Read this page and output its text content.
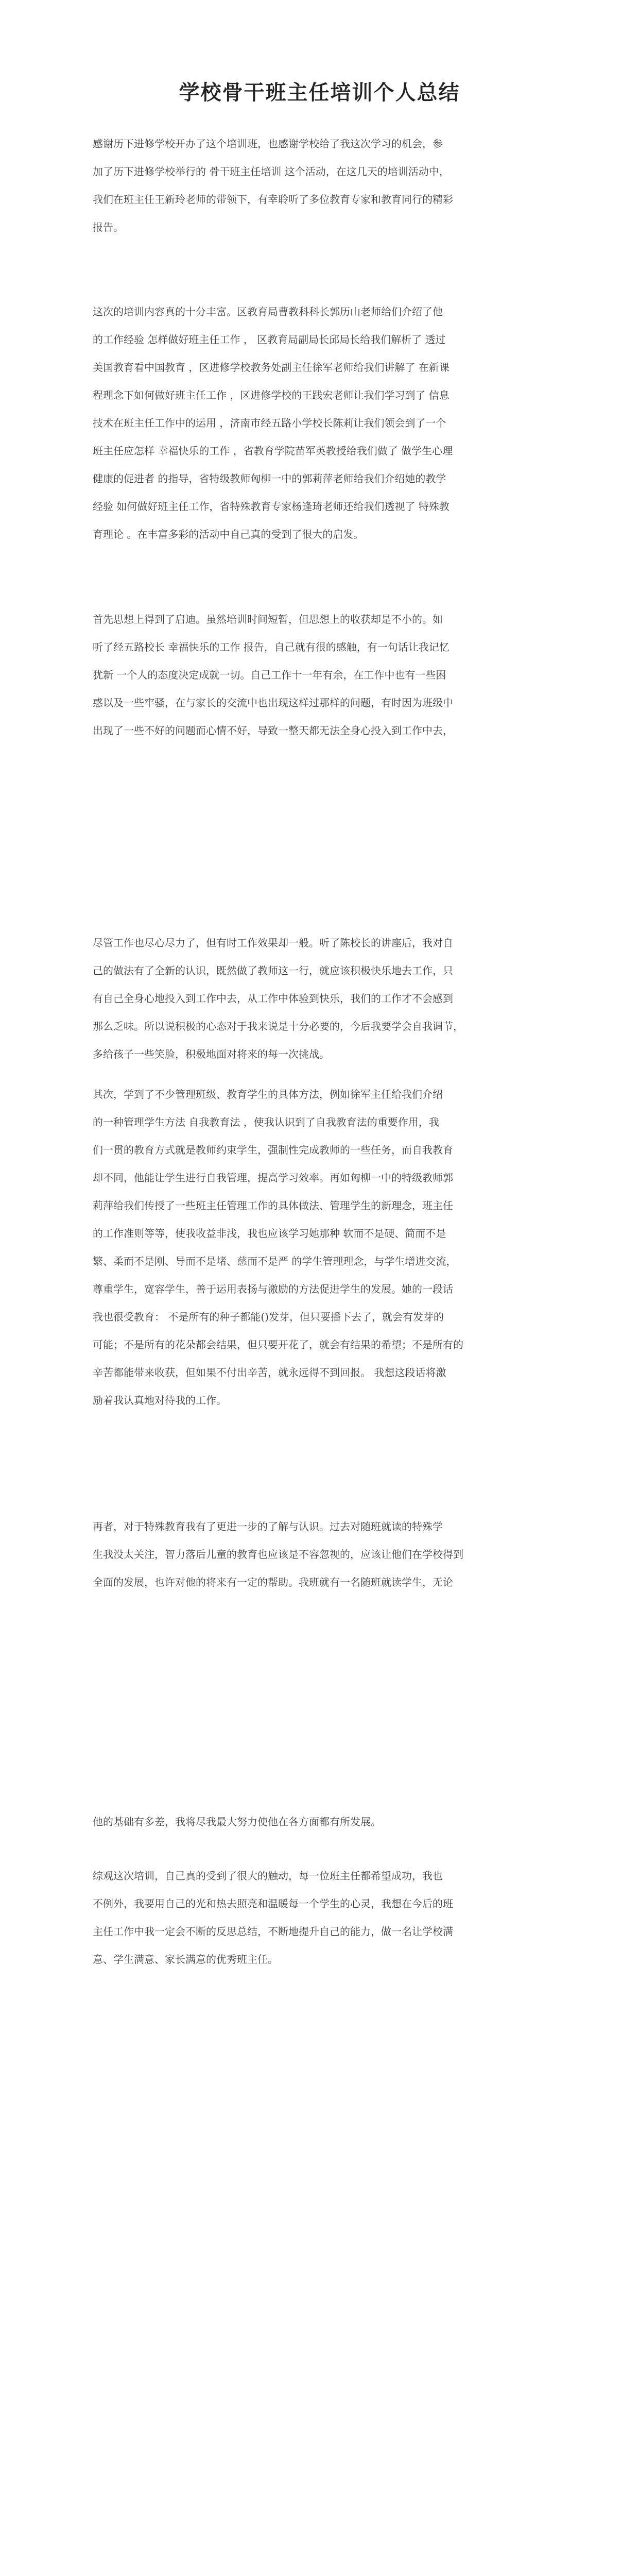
学校骨干班主任培训个人总结
感谢历下进修学校开办了这个培训班，也感谢学校给了我这次学习的机会，参
加了历下进修学校举行的 骨干班主任培训 这个活动，在这几天的培训活动中，
我们在班主任王新玲老师的带领下，有幸聆听了多位教育专家和教育同行的精彩
报告。
这次的培训内容真的十分丰富。区教育局曹教科科长郭历山老师给们介绍了他
的工作经验 怎样做好班主任工作 ， 区教育局副局长邱局长给我们解析了 透过
美国教育看中国教育 ，区进修学校教务处副主任徐军老师给我们讲解了 在新课
程理念下如何做好班主任工作 ，区进修学校的王践宏老师让我们学习到了 信息
技术在班主任工作中的运用 ，济南市经五路小学校长陈莉让我们领会到了一个
班主任应怎样 幸福快乐的工作 ，省教育学院苗军英教授给我们做了 做学生心理
健康的促进者 的指导，省特级教师匈柳一中的郭莉萍老师给我们介绍她的教学
经验 如何做好班主任工作，省特殊教育专家杨逢琦老师还给我们透视了 特殊教
育理论 。在丰富多彩的活动中自己真的受到了很大的启发。
首先思想上得到了启迪。虽然培训时间短暂，但思想上的收获却是不小的。如
听了经五路校长 幸福快乐的工作 报告，自己就有很的感触，有一句话让我记忆
犹新 一个人的态度决定成就一切。自己工作十一年有余，在工作中也有一些困
惑以及一些牢骚，在与家长的交流中也出现这样过那样的问题，有时因为班级中
出现了一些不好的问题而心情不好，导致一整天都无法全身心投入到工作中去，
尽管工作也尽心尽力了，但有时工作效果却一般。听了陈校长的讲座后，我对自
己的做法有了全新的认识，既然做了教师这一行，就应该积极快乐地去工作，只
有自己全身心地投入到工作中去，从工作中体验到快乐，我们的工作才不会感到
那么乏味。所以说积极的心态对于我来说是十分必要的，今后我要学会自我调节，
多给孩子一些笑脸，积极地面对将来的每一次挑战。
其次，学到了不少管理班级、教育学生的具体方法，例如徐军主任给我们介绍
的一种管理学生方法 自我教育法 ，使我认识到了自我教育法的重要作用，我
们一贯的教育方式就是教师约束学生，强制性完成教师的一些任务，而自我教育
却不同，他能让学生进行自我管理，提高学习效率。再如匈柳一中的特级教师郭
莉萍给我们传授了一些班主任管理工作的具体做法、管理学生的新理念，班主任
的工作准则等等，使我收益非浅，我也应该学习她那种 软而不是硬、简而不是
繁、柔而不是刚、导而不是堵、慈而不是严 的学生管理理念，与学生增进交流，
尊重学生，宽容学生，善于运用表扬与激励的方法促进学生的发展。她的一段话
我也很受教育： 不是所有的种子都能()发芽，但只要播下去了，就会有发芽的
可能；不是所有的花朵都会结果，但只要开花了，就会有结果的希望；不是所有的
辛苦都能带来收获，但如果不付出辛苦，就永远得不到回报。 我想这段话将激
励着我认真地对待我的工作。
再者，对于特殊教育我有了更进一步的了解与认识。过去对随班就读的特殊学
生我没太关注，智力落后儿童的教育也应该是不容忽视的，应该让他们在学校得到
全面的发展，也许对他的将来有一定的帮助。我班就有一名随班就读学生，无论
他的基础有多差，我将尽我最大努力使他在各方面都有所发展。
综观这次培训，自己真的受到了很大的触动，每一位班主任都希望成功，我也
不例外，我要用自己的光和热去照亮和温暖每一个学生的心灵，我想在今后的班
主任工作中我一定会不断的反思总结，不断地提升自己的能力，做一名让学校满
意、学生满意、家长满意的优秀班主任。
